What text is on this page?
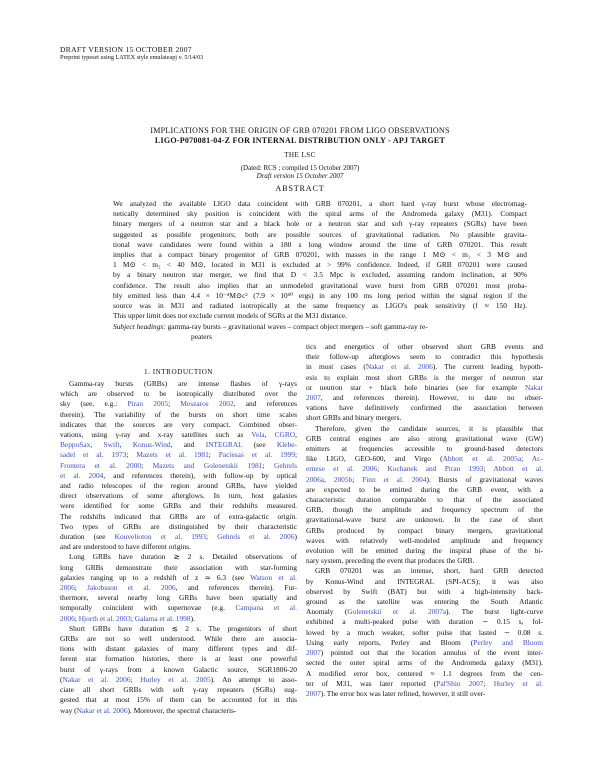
DRAFT VERSION 15 OCTOBER 2007
Preprint typeset using LATEX style emulateapj v. 5/14/03
IMPLICATIONS FOR THE ORIGIN OF GRB 070201 FROM LIGO OBSERVATIONS
LIGO-P070081-04-Z FOR INTERNAL DISTRIBUTION ONLY - APJ TARGET
THE LSC
(Dated: RCS ; compiled 15 October 2007)
Draft version 15 October 2007
ABSTRACT
We analyzed the available LIGO data coincident with GRB 070201, a short hard γ-ray burst whose electromag-
netically determined sky position is coincident with the spiral arms of the Andromeda galaxy (M31). Compact
binary mergers of a neutron star and a black hole or a neutron star and soft γ-ray repeaters (SGRs) have been
suggested as possible progenitors; both are possible sources of gravitational radiation. No plausible gravita-
tional wave candidates were found within a 180 s long window around the time of GRB 070201. This result
implies that a compact binary progenitor of GRB 070201, with masses in the range 1 M⊙ < m₁ < 3 M⊙ and
1 M⊙ < m₂ < 40 M⊙, located in M31 is excluded at > 99% confidence. Indeed, if GRB 070201 were caused
by a binary neutron star merger, we find that D < 3.5 Mpc is excluded, assuming random inclination, at 90%
confidence. The result also implies that an unmodeled gravitational wave burst from GRB 070201 most proba-
bly emitted less than 4.4 × 10⁻⁴M⊙c² (7.9 × 10⁵⁰ ergs) in any 100 ms long period within the signal region if the
source was in M31 and radiated isotropically at the same frequency as LIGO's peak sensitivity (f ≈ 150 Hz).
This upper limit does not exclude current models of SGRs at the M31 distance.
Subject headings: gamma-ray bursts – gravitational waves – compact object mergers – soft gamma-ray re-
peaters
1. INTRODUCTION
Gamma-ray bursts (GRBs) are intense flashes of γ-rays
which are observed to be isotropically distributed over the
sky (see, e.g.: Piran 2005; Meszaros 2002, and references
therein). The variability of the bursts on short time scales
indicates that the sources are very compact. Combined obser-
vations, using γ-ray and x-ray satellites such as Vela, CGRO,
BeppoSax, Swift, Konus-Wind, and INTEGRAL (see Klebe-
sadel et al. 1973; Mazets et al. 1981; Paciesas et al. 1999;
Frontera et al. 2000; Mazets and Golenetskii 1981; Gehrels
et al. 2004, and references therein), with follow-up by optical
and radio telescopes of the region around GRBs, have yielded
direct observations of some afterglows. In turn, host galaxies
were identified for some GRBs and their redshifts measured.
The redshifts indicated that GRBs are of extra-galactic origin.
Two types of GRBs are distinguished by their characteristic
duration (see Kouveliotou et al. 1993; Gehrels et al. 2006)
and are understood to have different origins.
Long GRBs have duration ≳ 2 s. Detailed observations of
long GRBs demonstrate their association with star-forming
galaxies ranging up to a redshift of z ≃ 6.3 (see Watson et al.
2006; Jakobsson et al. 2006, and references therein). Fur-
thermore, several nearby long GRBs have been spatially and
temporally coincident with supernovae (e.g. Campana et al.
2006; Hjorth et al. 2003; Galama et al. 1998).
Short GRBs have duration ≲ 2 s. The progenitors of short
GRBs are not so well understood. While there are associa-
tions with distant galaxies of many different types and dif-
ferent star formation histories, there is at least one powerful
burst of γ-rays from a known Galactic source, SGR1806-20
(Nakar et al. 2006; Hurley et al. 2005). An attempt to asso-
ciate all short GRBs with soft γ-ray repeaters (SGRs) sug-
gested that at most 15% of them can be accounted for in this
way (Nakar et al. 2006). Moreover, the spectral characteris-
tics and energetics of other observed short GRB events and
their follow-up afterglows seem to contradict this hypothesis
in most cases (Nakar et al. 2006). The current leading hypoth-
esis to explain most short GRBs is the merger of neutron star
or neutron star + black hole binaries (see for example Nakar
2007, and references therein). However, to date no obser-
vations have definitively confirmed the association between
short GRBs and binary mergers.
Therefore, given the candidate sources, it is plausible that
GRB central engines are also strong gravitational wave (GW)
emitters at frequencies accessible to ground-based detectors
like LIGO, GEO-600, and Virgo (Abbott et al. 2005a; Ac-
ernese et al. 2006; Kochanek and Piran 1993; Abbott et al.
2006a, 2005b; Finn et al. 2004). Bursts of gravitational waves
are expected to be emitted during the GRB event, with a
characteristic duration comparable to that of the associated
GRB, though the amplitude and frequency spectrum of the
gravitational-wave burst are unknown. In the case of short
GRBs produced by compact binary mergers, gravitational
waves with relatively well-modeled amplitude and frequency
evolution will be emitted during the inspiral phase of the bi-
nary system, preceding the event that produces the GRB.
GRB 070201 was an intense, short, hard GRB detected
by Konus-Wind and INTEGRAL (SPI-ACS); it was also
observed by Swift (BAT) but with a high-intensity back-
ground as the satellite was entering the South Atlantic
Anomaly (Golenetskii et al. 2007a). The burst light-curve
exhibited a multi-peaked pulse with duration ∼ 0.15 s, fol-
lowed by a much weaker, softer pulse that lasted ∼ 0.08 s.
Using early reports, Perley and Bloom (Perley and Bloom
2007) pointed out that the location annulus of the event inter-
sected the outer spiral arms of the Andromeda galaxy (M31).
A modified error box, centered ≈ 1.1 degrees from the cen-
ter of M31, was later reported (Pal'Shin 2007; Hurley et al.
2007). The error box was later refined, however, it still over-
